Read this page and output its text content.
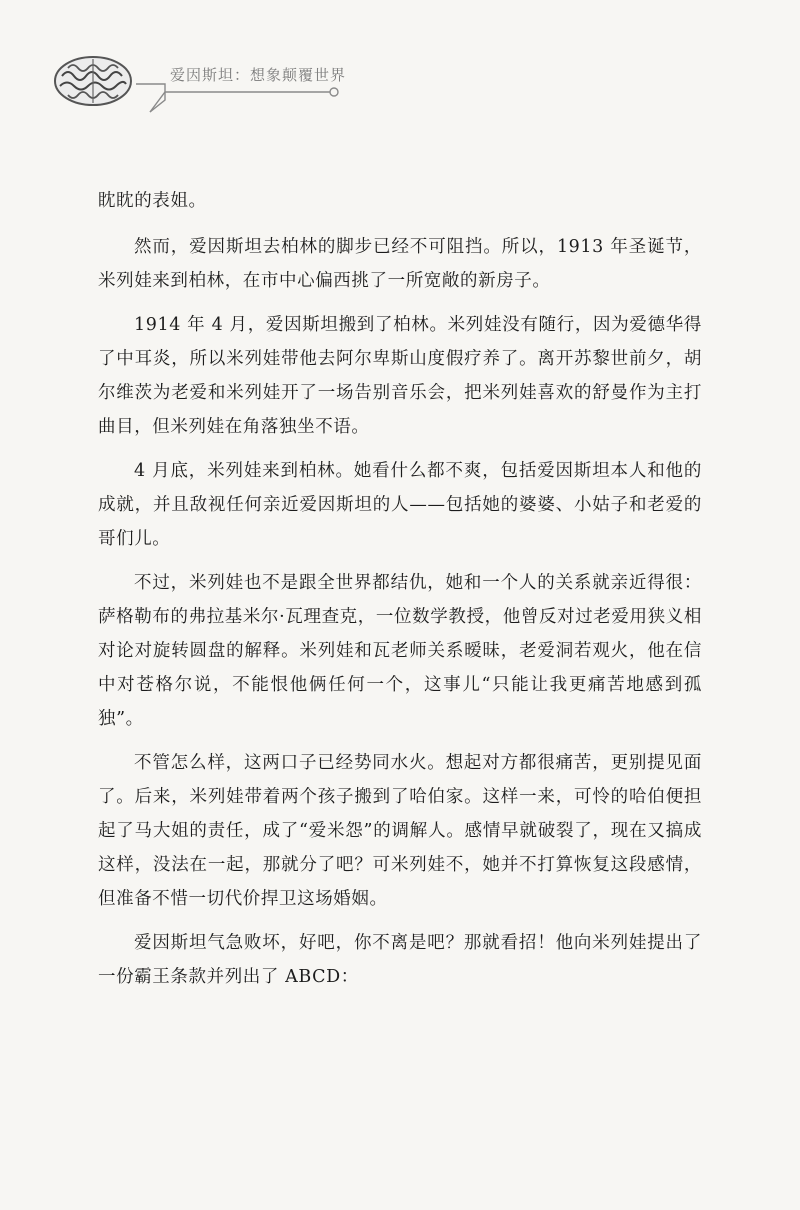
爱因斯坦：想象颠覆世界

眈眈的表姐。

然而，爱因斯坦去柏林的脚步已经不可阻挡。所以，1913 年圣诞节，米列娃来到柏林，在市中心偏西挑了一所宽敞的新房子。

1914 年 4 月，爱因斯坦搬到了柏林。米列娃没有随行，因为爱德华得了中耳炎，所以米列娃带他去阿尔卑斯山度假疗养了。离开苏黎世前夕，胡尔维茨为老爱和米列娃开了一场告别音乐会，把米列娃喜欢的舒曼作为主打曲目，但米列娃在角落独坐不语。

4 月底，米列娃来到柏林。她看什么都不爽，包括爱因斯坦本人和他的成就，并且敌视任何亲近爱因斯坦的人——包括她的婆婆、小姑子和老爱的哥们儿。

不过，米列娃也不是跟全世界都结仇，她和一个人的关系就亲近得很：萨格勒布的弗拉基米尔·瓦理查克，一位数学教授，他曾反对过老爱用狭义相对论对旋转圆盘的解释。米列娃和瓦老师关系暧昧，老爱洞若观火，他在信中对苍格尔说，不能恨他俩任何一个，这事儿“只能让我更痛苦地感到孤独”。

不管怎么样，这两口子已经势同水火。想起对方都很痛苦，更别提见面了。后来，米列娃带着两个孩子搬到了哈伯家。这样一来，可怜的哈伯便担起了马大姐的责任，成了“爱米怨”的调解人。感情早就破裂了，现在又搞成这样，没法在一起，那就分了吧？可米列娃不，她并不打算恢复这段感情，但准备不惜一切代价捍卫这场婚姻。

爱因斯坦气急败坏，好吧，你不离是吧？那就看招！他向米列娃提出了一份霸王条款并列出了 ABCD：
